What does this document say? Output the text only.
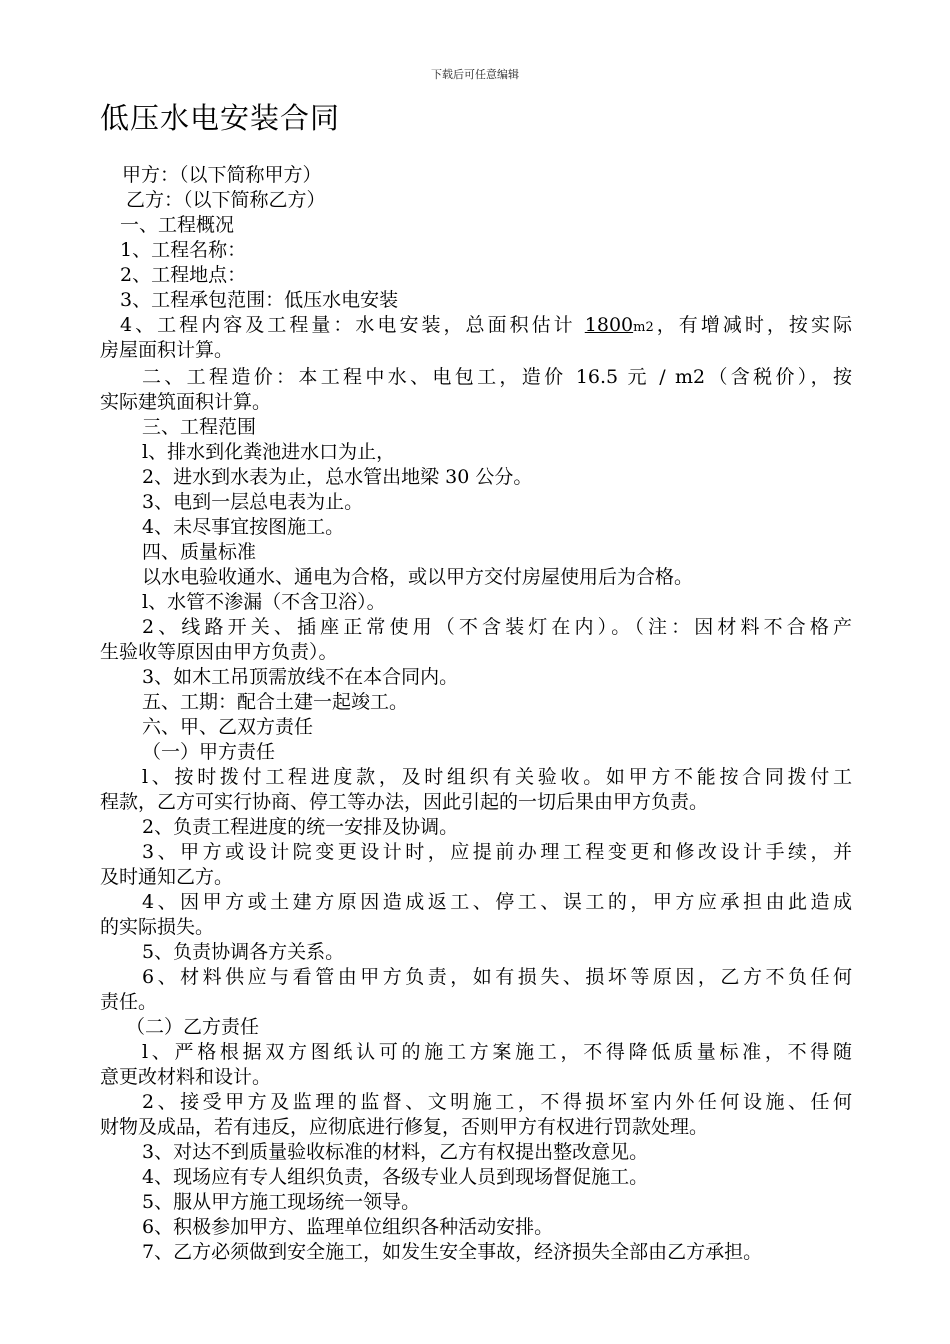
下载后可任意编辑
低压水电安装合同
甲方：（以下简称甲方）
乙方：（以下简称乙方）
一、工程概况
1、工程名称：
2、工程地点：
3、工程承包范围：低压水电安装
4、工程内容及工程量：水电安装，总面积估计 1800m2，有增减时，按实际
房屋面积计算。
二、工程造价：本工程中水、电包工，造价 16.5 元 / m2（含税价），按
实际建筑面积计算。
三、工程范围
l、排水到化粪池进水口为止，
2、进水到水表为止，总水管出地梁 30 公分。
3、电到一层总电表为止。
4、未尽事宜按图施工。
四、质量标准
以水电验收通水、通电为合格，或以甲方交付房屋使用后为合格。
l、水管不渗漏（不含卫浴）。
2、线路开关、插座正常使用（不含装灯在内）。（注：因材料不合格产
生验收等原因由甲方负责）。
3、如木工吊顶需放线不在本合同内。
五、工期：配合土建一起竣工。
六、甲、乙双方责任
（一）甲方责任
l、按时拨付工程进度款，及时组织有关验收。如甲方不能按合同拨付工
程款，乙方可实行协商、停工等办法，因此引起的一切后果由甲方负责。
2、负责工程进度的统一安排及协调。
3、甲方或设计院变更设计时，应提前办理工程变更和修改设计手续，并
及时通知乙方。
4、因甲方或土建方原因造成返工、停工、误工的，甲方应承担由此造成
的实际损失。
5、负责协调各方关系。
6、材料供应与看管由甲方负责，如有损失、损坏等原因，乙方不负任何
责任。
（二）乙方责任
l、严格根据双方图纸认可的施工方案施工，不得降低质量标准，不得随
意更改材料和设计。
2、接受甲方及监理的监督、文明施工，不得损坏室内外任何设施、任何
财物及成品，若有违反，应彻底进行修复，否则甲方有权进行罚款处理。
3、对达不到质量验收标准的材料，乙方有权提出整改意见。
4、现场应有专人组织负责，各级专业人员到现场督促施工。
5、服从甲方施工现场统一领导。
6、积极参加甲方、监理单位组织各种活动安排。
7、乙方必须做到安全施工，如发生安全事故，经济损失全部由乙方承担。
